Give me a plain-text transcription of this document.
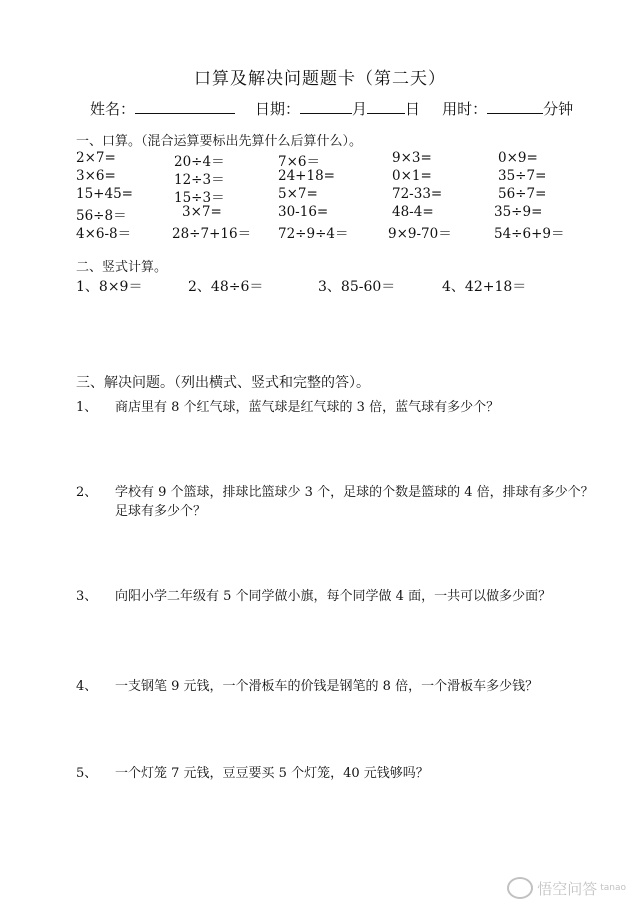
口算及解决问题题卡（第二天）
姓名：	日期：	月	日 用时：	分钟
一、口算。（混合运算要标出先算什么后算什么）。
2×7=	20÷4＝	7×6＝	9×3=	0×9=
3×6=	12÷3＝	24+18=	0×1=	35÷7=
15+45=	15÷3＝	5×7=	72-33=	56÷7=
56÷8＝	3×7=	30-16=	48-4=	35÷9=
4×6-8＝	28÷7+16＝ 72÷9÷4＝	9×9-70＝	54÷6+9＝
二、竖式计算。
1、8×9＝	2、48÷6＝	3、85-60＝	4、42+18＝
三、解决问题。（列出横式、竖式和完整的答）。
1、 商店里有 8 个红气球，蓝气球是红气球的 3 倍，蓝气球有多少个？
2、 学校有 9 个篮球，排球比篮球少 3 个，足球的个数是篮球的 4 倍，排球有多少个？
足球有多少个？
3、 向阳小学二年级有 5 个同学做小旗，每个同学做 4 面，一共可以做多少面？
4、 一支钢笔 9 元钱，一个滑板车的价钱是钢笔的 8 倍，一个滑板车多少钱？
5、 一个灯笼 7 元钱，豆豆要买 5 个灯笼，40 元钱够吗？
悟空问答 tanao
